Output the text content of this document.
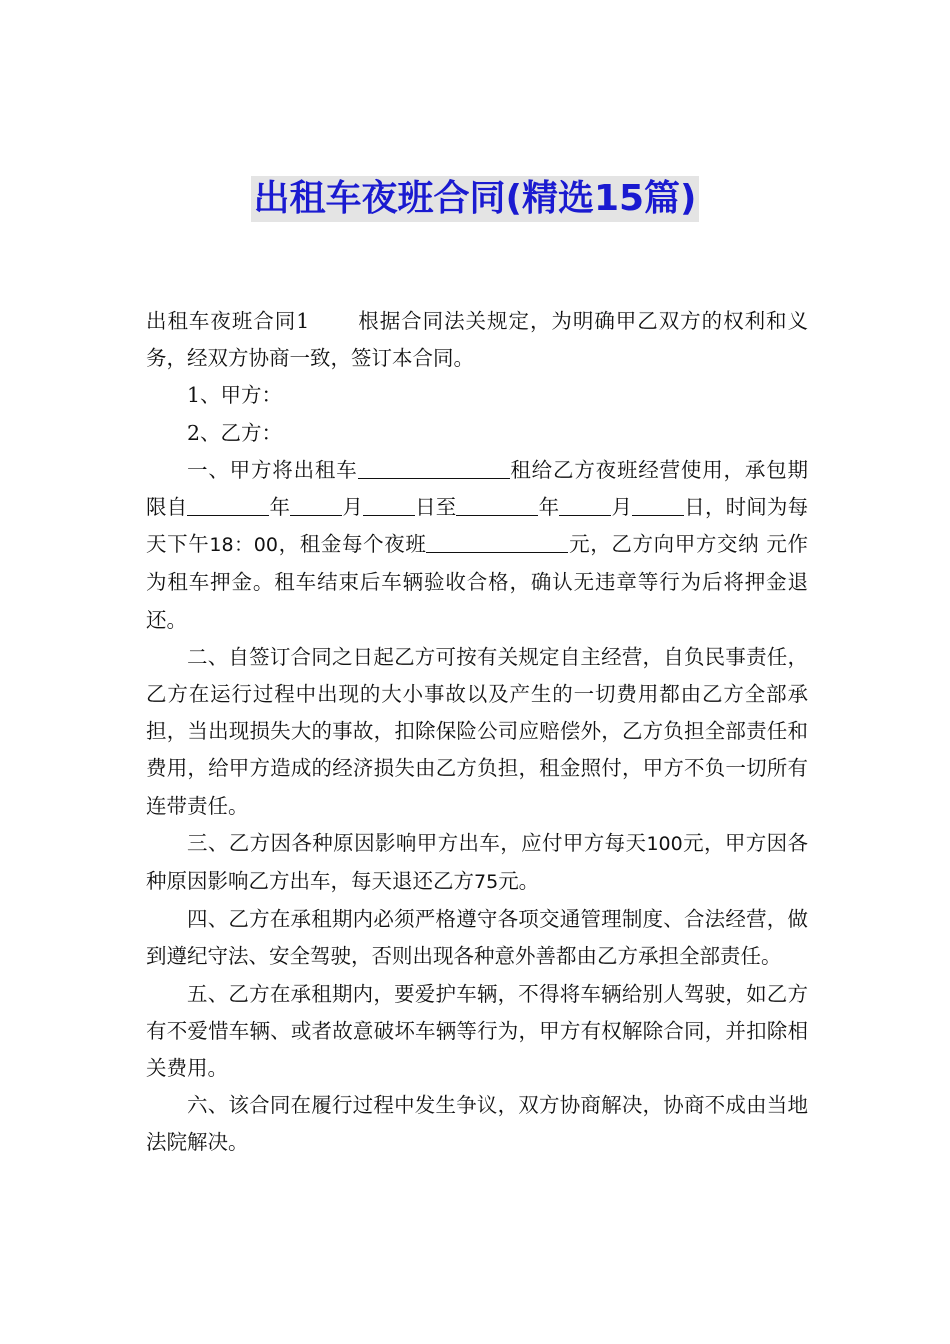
出租车夜班合同(精选15篇)

出租车夜班合同1 根据合同法关规定，为明确甲乙双方的权利和义务，经双方协商一致，签订本合同。

1、甲方：

2、乙方：

一、甲方将出租车	租给乙方夜班经营使用，承包期限自	年	月	日至	年	月	日，时间为每天下午18：00，租金每个夜班	元，乙方向甲方交纳 元作为租车押金。租车结束后车辆验收合格，确认无违章等行为后将押金退还。

二、自签订合同之日起乙方可按有关规定自主经营，自负民事责任，乙方在运行过程中出现的大小事故以及产生的一切费用都由乙方全部承担，当出现损失大的事故，扣除保险公司应赔偿外，乙方负担全部责任和费用，给甲方造成的经济损失由乙方负担，租金照付，甲方不负一切所有连带责任。

三、乙方因各种原因影响甲方出车，应付甲方每天100元，甲方因各种原因影响乙方出车，每天退还乙方75元。

四、乙方在承租期内必须严格遵守各项交通管理制度、合法经营，做到遵纪守法、安全驾驶，否则出现各种意外善都由乙方承担全部责任。

五、乙方在承租期内，要爱护车辆，不得将车辆给别人驾驶，如乙方有不爱惜车辆、或者故意破坏车辆等行为，甲方有权解除合同，并扣除相关费用。

六、该合同在履行过程中发生争议，双方协商解决，协商不成由当地法院解决。
